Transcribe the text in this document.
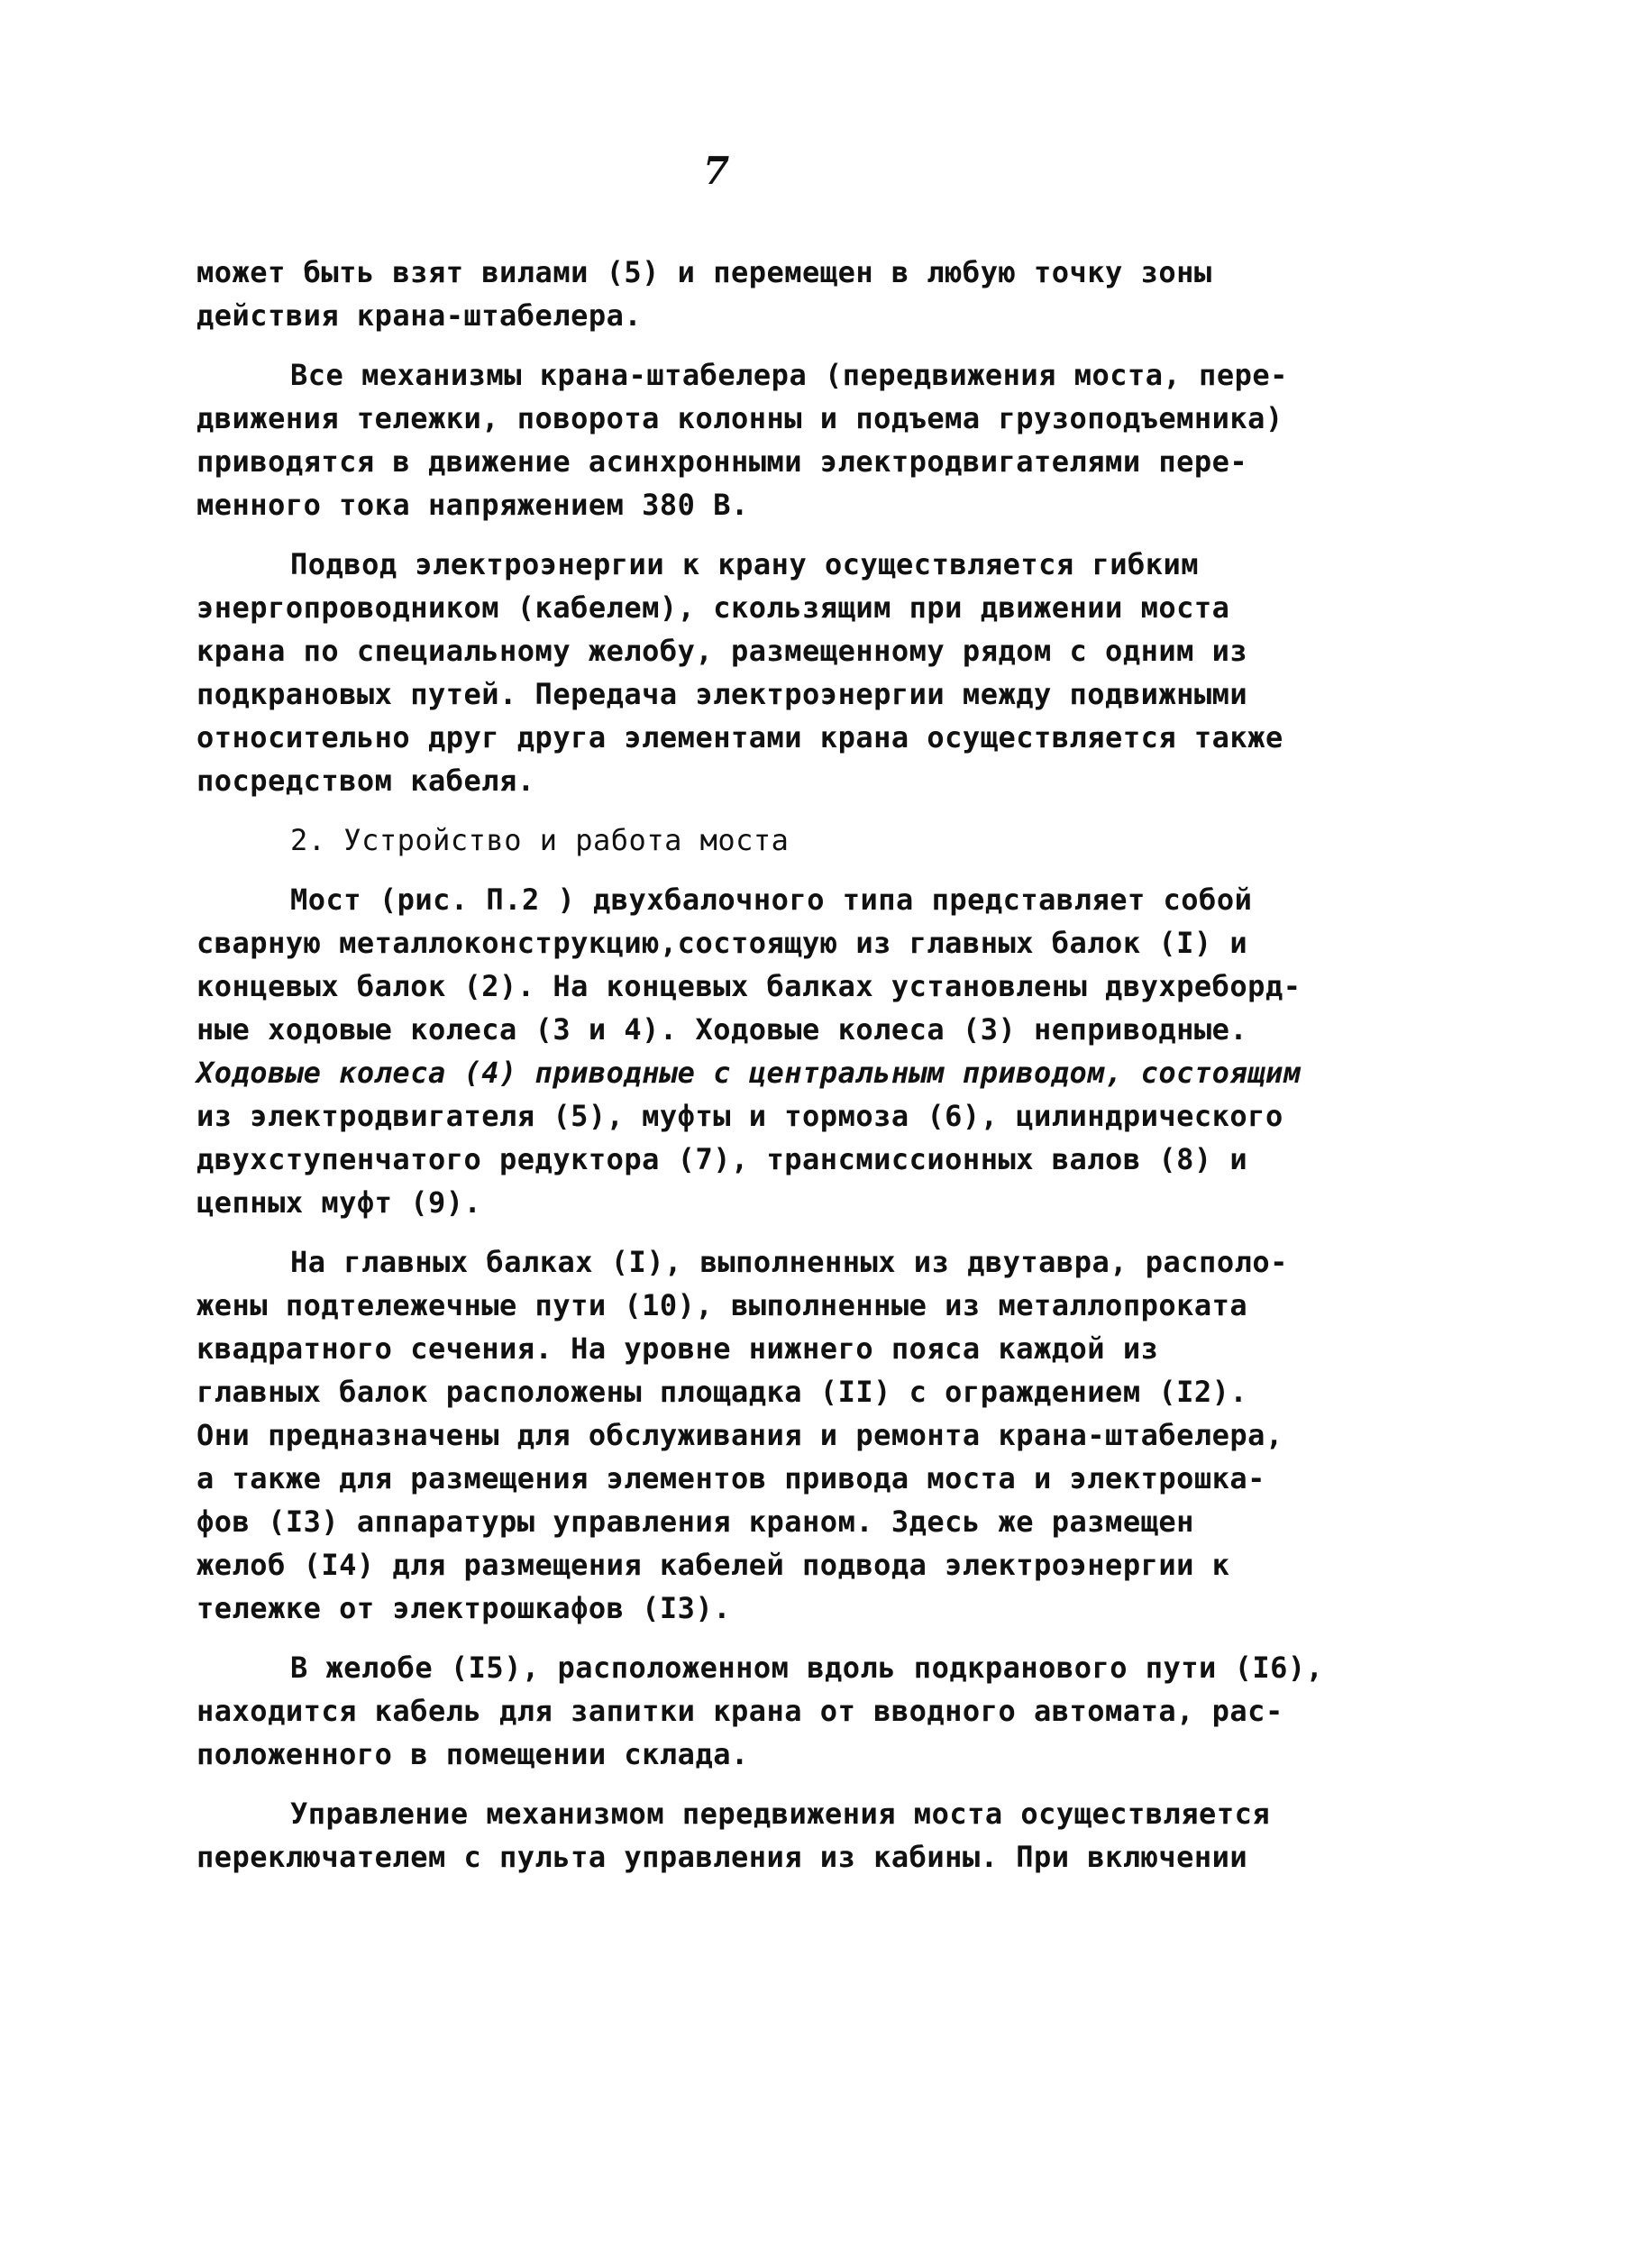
7
может быть взят вилами (5) и перемещен в любую точку зоны
действия крана-штабелера.
Все механизмы крана-штабелера (передвижения моста, пере-
движения тележки, поворота колонны и подъема грузоподъемника)
приводятся в движение асинхронными электродвигателями пере-
менного тока напряжением 380 В.
Подвод электроэнергии к крану осуществляется гибким
энергопроводником (кабелем), скользящим при движении моста
крана по специальному желобу, размещенному рядом с одним из
подкрановых путей. Передача электроэнергии между подвижными
относительно друг друга элементами крана осуществляется также
посредством кабеля.
2. Устройство и работа моста
Мост (рис. П.2 ) двухбалочного типа представляет собой
сварную металлоконструкцию,состоящую из главных балок (I) и
концевых балок (2). На концевых балках установлены двухреборд-
ные ходовые колеса (3 и 4). Ходовые колеса (3) неприводные.
Ходовые колеса (4) приводные с центральным приводом, состоящим
из электродвигателя (5), муфты и тормоза (6), цилиндрического
двухступенчатого редуктора (7), трансмиссионных валов (8) и
цепных муфт (9).
На главных балках (I), выполненных из двутавра, располо-
жены подтележечные пути (10), выполненные из металлопроката
квадратного сечения. На уровне нижнего пояса каждой из
главных балок расположены площадка (II) с ограждением (I2).
Они предназначены для обслуживания и ремонта крана-штабелера,
а также для размещения элементов привода моста и электрошка-
фов (I3) аппаратуры управления краном. Здесь же размещен
желоб (I4) для размещения кабелей подвода электроэнергии к
тележке от электрошкафов (I3).
В желобе (I5), расположенном вдоль подкранового пути (I6),
находится кабель для запитки крана от вводного автомата, рас-
положенного в помещении склада.
Управление механизмом передвижения моста осуществляется
переключателем с пульта управления из кабины. При включении
